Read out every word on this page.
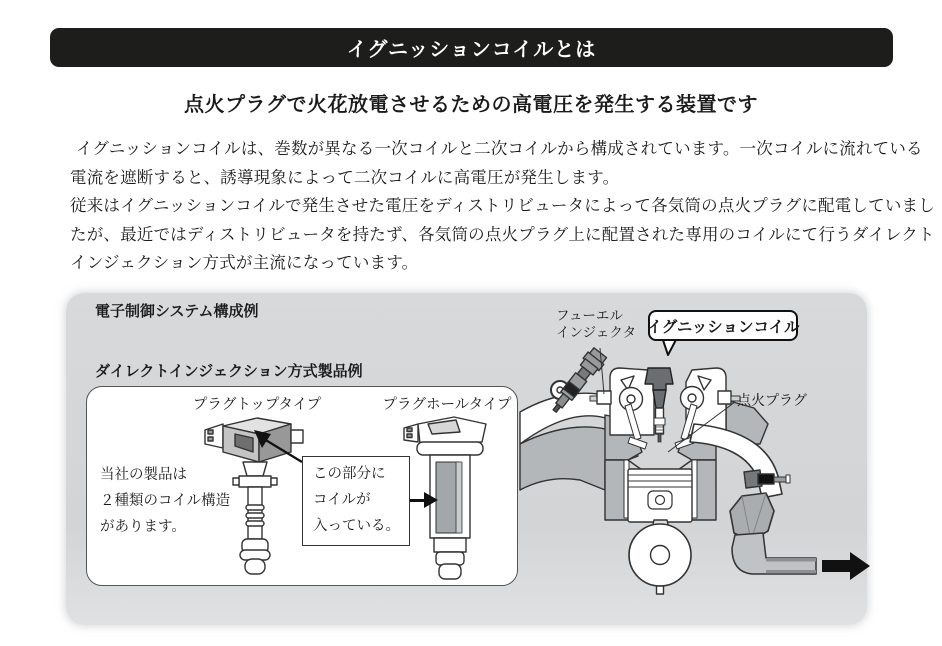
イグニッションコイルとは
点火プラグで火花放電させるための高電圧を発生する装置です
イグニッションコイルは、巻数が異なる一次コイルと二次コイルから構成されています。一次コイルに流れている
電流を遮断すると、誘導現象によって二次コイルに高電圧が発生します。
従来はイグニッションコイルで発生させた電圧をディストリビュータによって各気筒の点火プラグに配電していまし
たが、最近ではディストリビュータを持たず、各気筒の点火プラグ上に配置された専用のコイルにて行うダイレクト
インジェクション方式が主流になっています。
電子制御システム構成例
ダイレクトインジェクション方式製品例
プラグトップタイプ	プラグホールタイプ
当社の製品は
２種類のコイル構造
があります。
この部分に
コイルが
入っている。
フューエル
インジェクタ イグニッションコイル
点火プラグ
